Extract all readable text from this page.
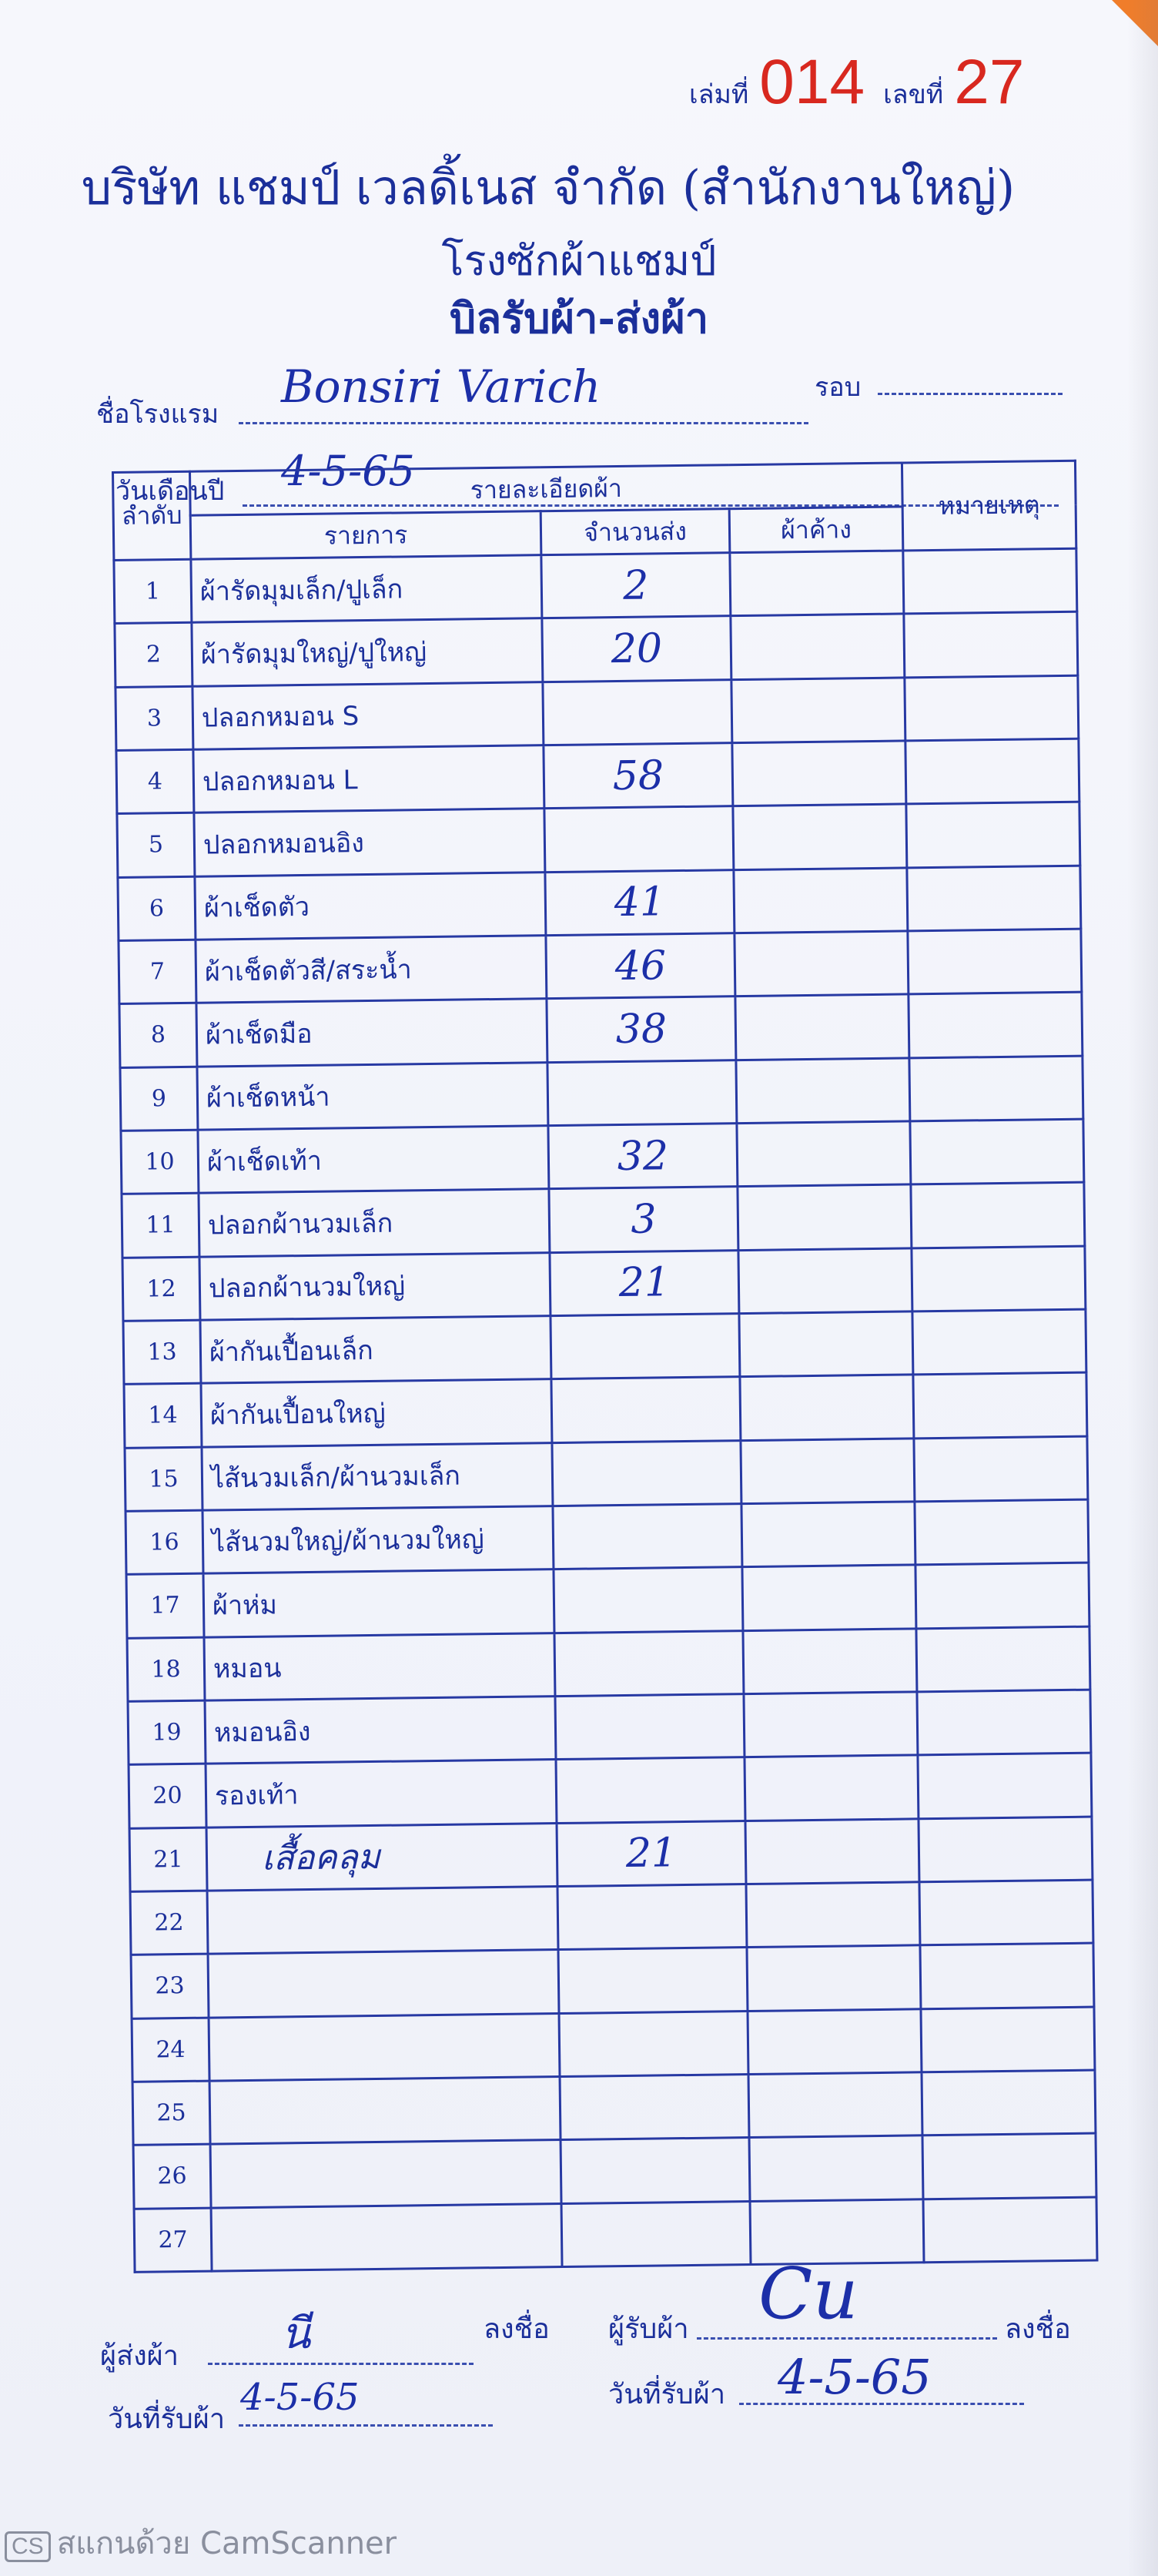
เล่มที่ 014 เลขที่ 27
บริษัท แชมป์ เวลดิ้เนส จำกัด (สำนักงานใหญ่)
โรงซักผ้าแชมป์
บิลรับผ้า-ส่งผ้า
ชื่อโรงแรม
Bonsiri Varich	รอบ
วันเดือนปี 4-5-65
ลำดับ	รายละเอียดผ้า			หมายเหตุ
	รายการ	จำนวนส่ง	ผ้าค้าง	
1	ผ้ารัดมุมเล็ก/ปูเล็ก	2		
2	ผ้ารัดมุมใหญ่/ปูใหญ่	20		
3	ปลอกหมอน S			
4	ปลอกหมอน L	58		
5	ปลอกหมอนอิง			
6	ผ้าเช็ดตัว	41		
7	ผ้าเช็ดตัวสี/สระน้ำ	46		
8	ผ้าเช็ดมือ	38		
9	ผ้าเช็ดหน้า			
10	ผ้าเช็ดเท้า	32		
11	ปลอกผ้านวมเล็ก	3		
12	ปลอกผ้านวมใหญ่	21		
13	ผ้ากันเปื้อนเล็ก			
14	ผ้ากันเปื้อนใหญ่			
15	ไส้นวมเล็ก/ผ้านวมเล็ก			
16	ไส้นวมใหญ่/ผ้านวมใหญ่			
17	ผ้าห่ม			
18	หมอน			
19	หมอนอิง			
20	รองเท้า			
21	เสื้อคลุม	21		
22				
23				
24				
25				
26				
27				
ผู้ส่งผ้า นี	ลงชื่อ ผู้รับผ้า Cu	ลงชื่อ
วันที่รับผ้า
4-5-65	วันที่รับผ้า 4-5-65
CS สแกนด้วย CamScanner
